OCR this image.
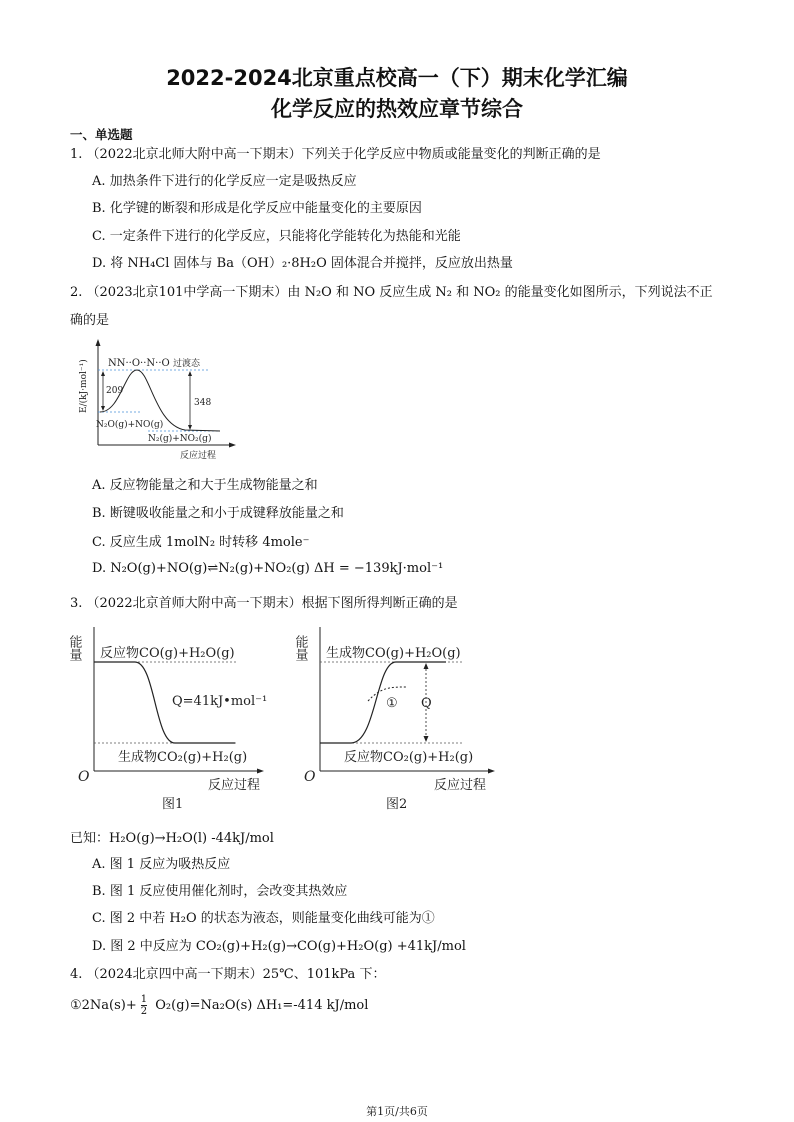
2022-2024北京重点校高一（下）期末化学汇编
化学反应的热效应章节综合
一、单选题
1. （2022北京北师大附中高一下期末）下列关于化学反应中物质或能量变化的判断正确的是
A. 加热条件下进行的化学反应一定是吸热反应
B. 化学键的断裂和形成是化学反应中能量变化的主要原因
C. 一定条件下进行的化学反应，只能将化学能转化为热能和光能
D. 将 NH₄Cl 固体与 Ba（OH）₂·8H₂O 固体混合并搅拌，反应放出热量
2. （2023北京101中学高一下期末）由 N₂O 和 NO 反应生成 N₂ 和 NO₂ 的能量变化如图所示，下列说法不正
确的是
NN··O··N··O 过渡态
209
348
N₂O(g)+NO(g)
N₂(g)+NO₂(g)
反应过程
E/(kJ·mol⁻¹)
A. 反应物能量之和大于生成物能量之和
B. 断键吸收能量之和小于成键释放能量之和
C. 反应生成 1molN₂ 时转移 4mole⁻
D. N₂O(g)+NO(g)⇌N₂(g)+NO₂(g) ΔH = −139kJ·mol⁻¹
3. （2022北京首师大附中高一下期末）根据下图所得判断正确的是
能量 反应物CO(g)+H₂O(g)
Q=41kJ•mol⁻¹
生成物CO₂(g)+H₂(g)
O
反应过程
图1
能量 生成物CO(g)+H₂O(g)
① Q
反应物CO₂(g)+H₂(g)
O
反应过程
图2
已知：H₂O(g)→H₂O(l) -44kJ/mol
A. 图 1 反应为吸热反应
B. 图 1 反应使用催化剂时，会改变其热效应
C. 图 2 中若 H₂O 的状态为液态，则能量变化曲线可能为①
D. 图 2 中反应为 CO₂(g)+H₂(g)→CO(g)+H₂O(g) +41kJ/mol
4. （2024北京四中高一下期末）25℃、101kPa 下：
①2Na(s)+ $\frac{1}{2} O_2(g)=Na_2O(s)$ ΔH₁=-414 kJ/mol
第1页/共6页
